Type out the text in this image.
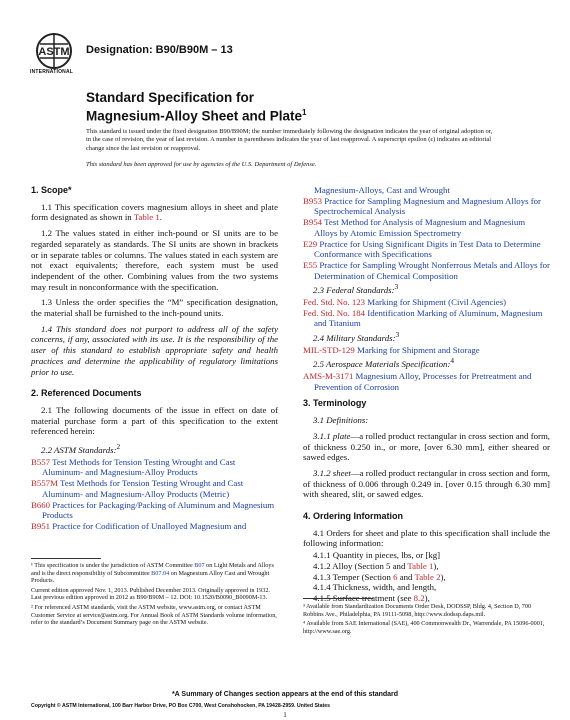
ASTM
INTERNATIONAL
Designation: B90/B90M – 13
Standard Specification for
Magnesium-Alloy Sheet and Plate$^1$
This standard is issued under the fixed designation B90/B90M; the number immediately following the designation indicates the year of original adoption or, in the case of revision, the year of last revision. A number in parentheses indicates the year of last reapproval. A superscript epsilon (ε) indicates an editorial change since the last revision or reapproval.
This standard has been approved for use by agencies of the U.S. Department of Defense.
1. Scope*

1.1 This specification covers magnesium alloys in sheet and plate form designated as shown in Table 1.

1.2 The values stated in either inch-pound or SI units are to be regarded separately as standards. The SI units are shown in brackets or in separate tables or columns. The values stated in each system are not exact equivalents; therefore, each system must be used independent of the other. Combining values from the two systems may result in nonconformance with the specification.

1.3 Unless the order specifies the “M” specification designation, the material shall be furnished to the inch-pound units.

1.4 This standard does not purport to address all of the safety concerns, if any, associated with its use. It is the responsibility of the user of this standard to establish appropriate safety and health practices and determine the applicability of regulatory limitations prior to use.

2. Referenced Documents

2.1 The following documents of the issue in effect on date of material purchase form a part of this specification to the extent referenced herein:

2.2 ASTM Standards:$^2$

B557 Test Methods for Tension Testing Wrought and Cast Aluminum- and Magnesium-Alloy Products
B557M Test Methods for Tension Testing Wrought and Cast Aluminum- and Magnesium-Alloy Products (Metric)
B660 Practices for Packaging/Packing of Aluminum and Magnesium Products
B951 Practice for Codification of Unalloyed Magnesium and
Magnesium-Alloys, Cast and Wrought
B953 Practice for Sampling Magnesium and Magnesium Alloys for Spectrochemical Analysis
B954 Test Method for Analysis of Magnesium and Magnesium Alloys by Atomic Emission Spectrometry
E29 Practice for Using Significant Digits in Test Data to Determine Conformance with Specifications
E55 Practice for Sampling Wrought Nonferrous Metals and Alloys for Determination of Chemical Composition

2.3 Federal Standards:$^3$

Fed. Std. No. 123 Marking for Shipment (Civil Agencies)
Fed. Std. No. 184 Identification Marking of Aluminum, Magnesium and Titanium

2.4 Military Standards:$^3$

MIL-STD-129 Marking for Shipment and Storage

2.5 Aerospace Materials Specification:$^4$

AMS-M-3171 Magnesium Alloy, Processes for Pretreatment and Prevention of Corrosion
3. Terminology

3.1 Definitions:

3.1.1 plate—a rolled product rectangular in cross section and form, of thickness 0.250 in., or more, [over 6.30 mm], either sheared or sawed edges.

3.1.2 sheet—a rolled product rectangular in cross section and form, of thickness of 0.006 through 0.249 in. [over 0.15 through 6.30 mm] with sheared, slit, or sawed edges.

4. Ordering Information

4.1 Orders for sheet and plate to this specification shall include the following information:

4.1.1 Quantity in pieces, lbs, or [kg]

4.1.2 Alloy (Section 5 and Table 1),

4.1.3 Temper (Section 6 and Table 2),

4.1.4 Thickness, width, and length,

4.1.5 Surface treatment (see 8.2),

¹ This specification is under the jurisdiction of ASTM Committee B07 on Light Metals and Alloys and is the direct responsibility of Subcommittee B07.04 on Magnesium Alloy Cast and Wrought Products.

Current edition approved Nov. 1, 2013. Published December 2013. Originally approved in 1932. Last previous edition approved in 2012 as B90/B90M – 12. DOI: 10.1520/B0090_B0090M-13.

² For referenced ASTM standards, visit the ASTM website, www.astm.org, or contact ASTM Customer Service at service@astm.org. For Annual Book of ASTM Standards volume information, refer to the standard’s Document Summary page on the ASTM website.

³ Available from Standardization Documents Order Desk, DODSSP, Bldg. 4, Section D, 700 Robbins Ave., Philadelphia, PA 19111-5098, http://www.dodssp.daps.mil.

⁴ Available from SAE International (SAE), 400 Commonwealth Dr., Warrendale, PA 15096-0001, http://www.sae.org.

*A Summary of Changes section appears at the end of this standard
Copyright © ASTM International, 100 Barr Harbor Drive, PO Box C700, West Conshohocken, PA 19428-2959. United States
1
